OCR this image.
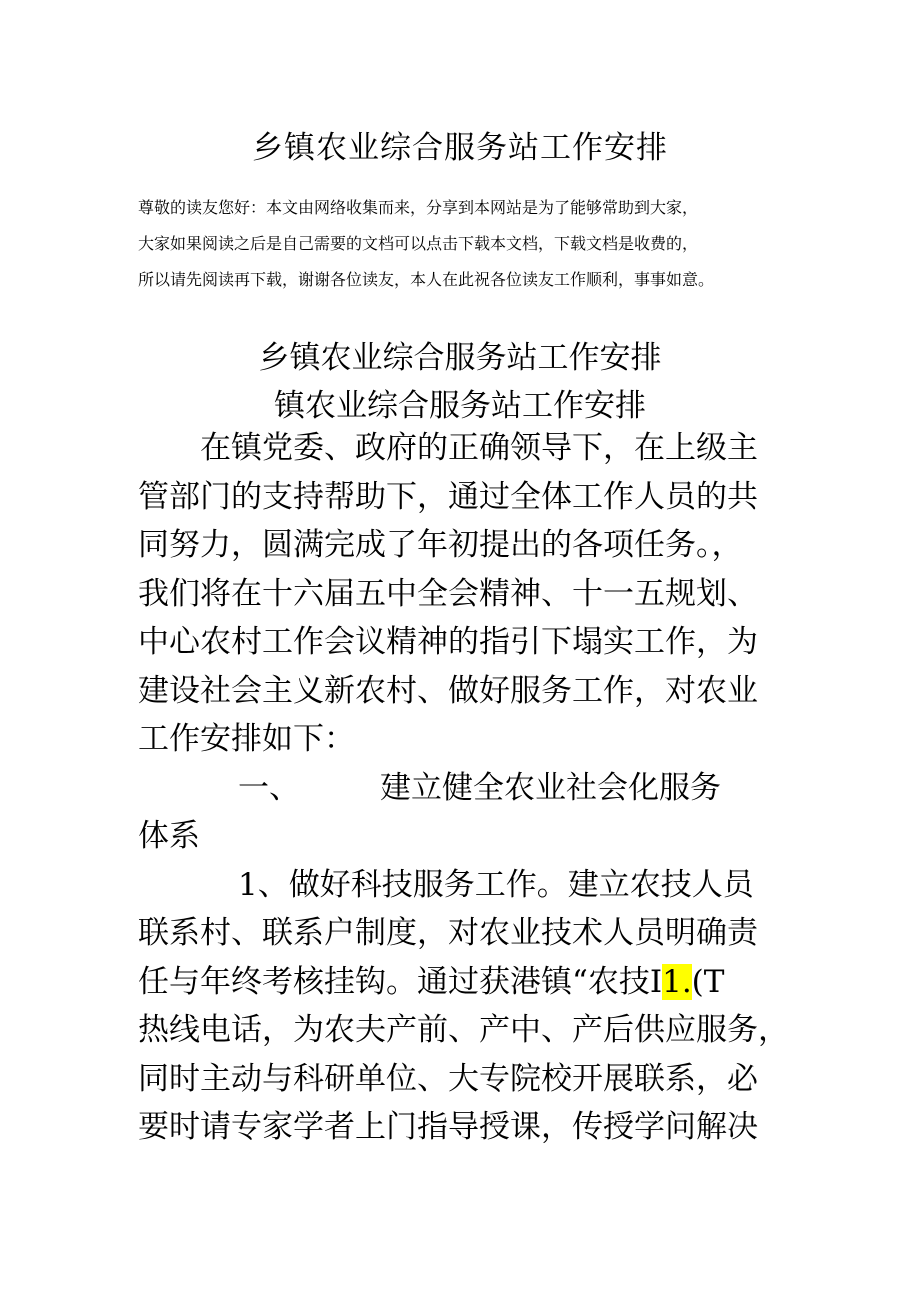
乡镇农业综合服务站工作安排
尊敬的读友您好：本文由网络收集而来，分享到本网站是为了能够常助到大家，
大家如果阅读之后是自己需要的文档可以点击下载本文档，下载文档是收费的，
所以请先阅读再下载，谢谢各位读友，本人在此祝各位读友工作顺利，事事如意。
乡镇农业综合服务站工作安排
镇农业综合服务站工作安排
在镇党委、政府的正确领导下，在上级主
管部门的支持帮助下，通过全体工作人员的共
同努力，圆满完成了年初提出的各项任务。，
我们将在十六届五中全会精神、十一五规划、
中心农村工作会议精神的指引下塌实工作，为
建设社会主义新农村、做好服务工作，对农业
工作安排如下：
一、	建立健全农业社会化服务
体系
1、做好科技服务工作。建立农技人员
联系村、联系户制度，对农业技术人员明确责
任与年终考核挂钩。通过获港镇“农技I1.(T
热线电话，为农夫产前、产中、产后供应服务，
同时主动与科研单位、大专院校开展联系，必
要时请专家学者上门指导授课，传授学问解决
